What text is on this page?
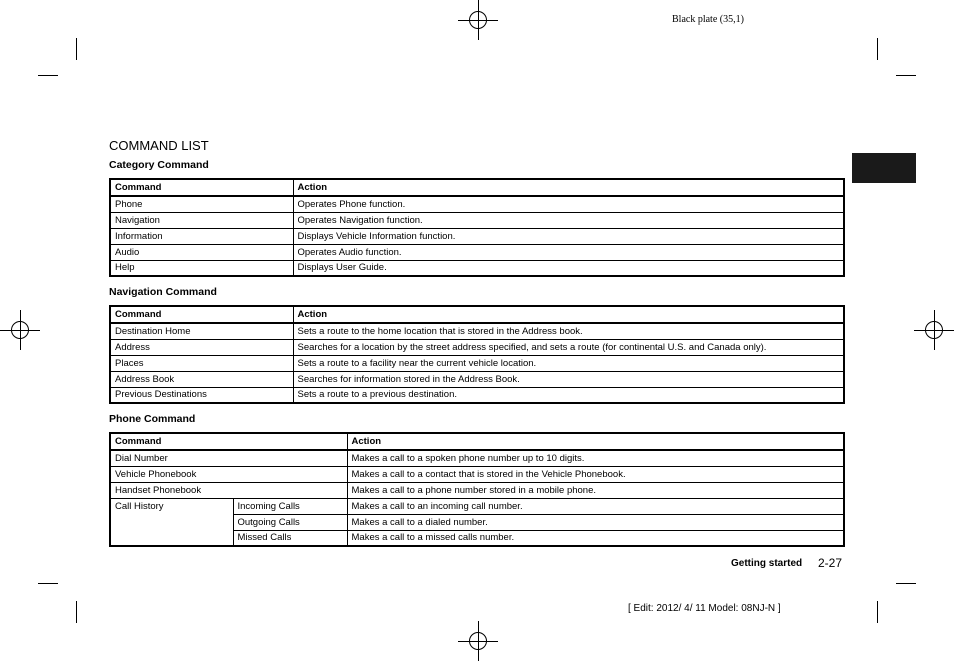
Black plate (35,1)
COMMAND LIST
Category Command
Command	Action
Phone	Operates Phone function.
Navigation	Operates Navigation function.
Information	Displays Vehicle Information function.
Audio	Operates Audio function.
Help	Displays User Guide.
Navigation Command
Command	Action
Destination Home	Sets a route to the home location that is stored in the Address book.
Address	Searches for a location by the street address specified, and sets a route (for continental U.S. and Canada only).
Places	Sets a route to a facility near the current vehicle location.
Address Book	Searches for information stored in the Address Book.
Previous Destinations	Sets a route to a previous destination.
Phone Command
Command		Action
Dial Number		Makes a call to a spoken phone number up to 10 digits.
Vehicle Phonebook		Makes a call to a contact that is stored in the Vehicle Phonebook.
Handset Phonebook		Makes a call to a phone number stored in a mobile phone.
Call History	Incoming Calls	Makes a call to an incoming call number.
	Outgoing Calls	Makes a call to a dialed number.
	Missed Calls	Makes a call to a missed calls number.
Getting started 2-27
[ Edit: 2012/ 4/ 11 Model: 08NJ-N ]
